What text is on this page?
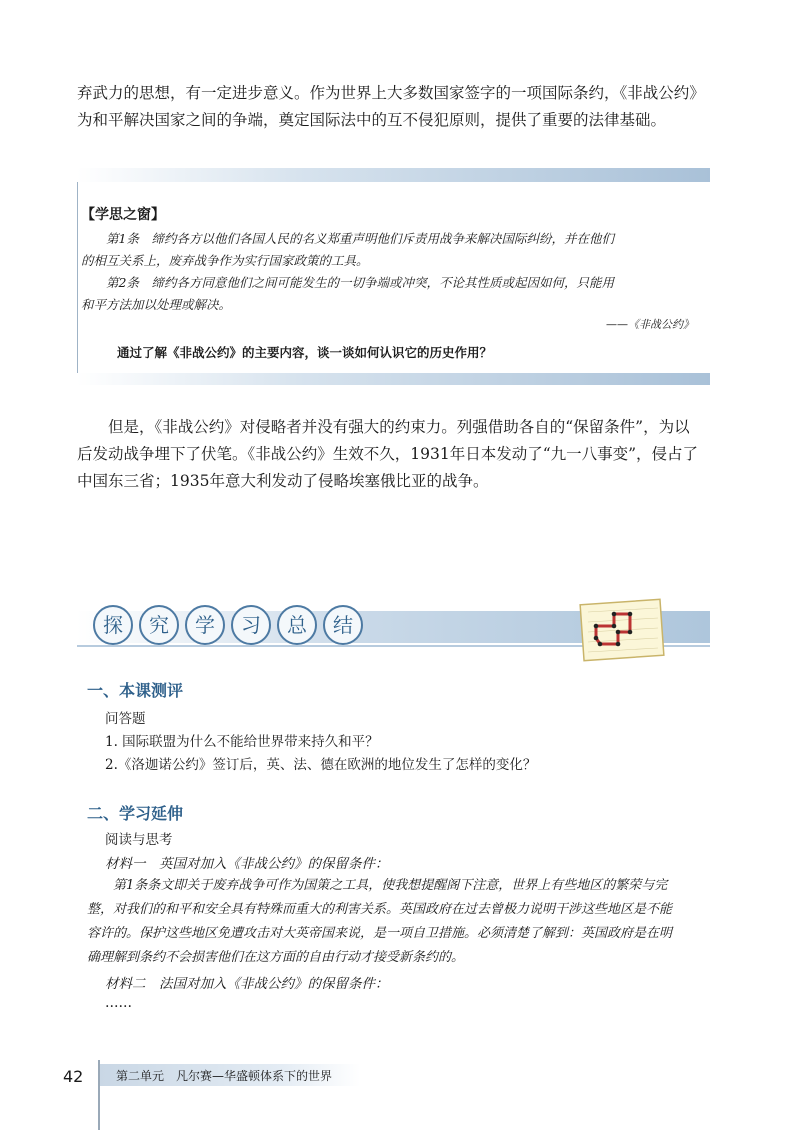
弃武力的思想，有一定进步意义。作为世界上大多数国家签字的一项国际条约，《非战公约》
为和平解决国家之间的争端，奠定国际法中的互不侵犯原则，提供了重要的法律基础。
【学思之窗】
　　第1条　缔约各方以他们各国人民的名义郑重声明他们斥责用战争来解决国际纠纷，并在他们
的相互关系上，废弃战争作为实行国家政策的工具。
　　第2条　缔约各方同意他们之间可能发生的一切争端或冲突，不论其性质或起因如何，只能用
和平方法加以处理或解决。
——《非战公约》
通过了解《非战公约》的主要内容，谈一谈如何认识它的历史作用？
　　但是，《非战公约》对侵略者并没有强大的约束力。列强借助各自的“保留条件”，为以
后发动战争埋下了伏笔。《非战公约》生效不久，1931年日本发动了“九一八事变”，侵占了
中国东三省；1935年意大利发动了侵略埃塞俄比亚的战争。
探	究	学	习	总	结
一、本课测评
问答题
1. 国际联盟为什么不能给世界带来持久和平？
2.《洛迦诺公约》签订后，英、法、德在欧洲的地位发生了怎样的变化？
二、学习延伸
阅读与思考
材料一　英国对加入《非战公约》的保留条件：
　　第1条条文即关于废弃战争可作为国策之工具，使我想提醒阁下注意，世界上有些地区的繁荣与完
整，对我们的和平和安全具有特殊而重大的利害关系。英国政府在过去曾极力说明干涉这些地区是不能
容许的。保护这些地区免遭攻击对大英帝国来说，是一项自卫措施。必须清楚了解到：英国政府是在明
确理解到条约不会损害他们在这方面的自由行动才接受新条约的。
材料二　法国对加入《非战公约》的保留条件：
……
42	第二单元　凡尔赛—华盛顿体系下的世界
